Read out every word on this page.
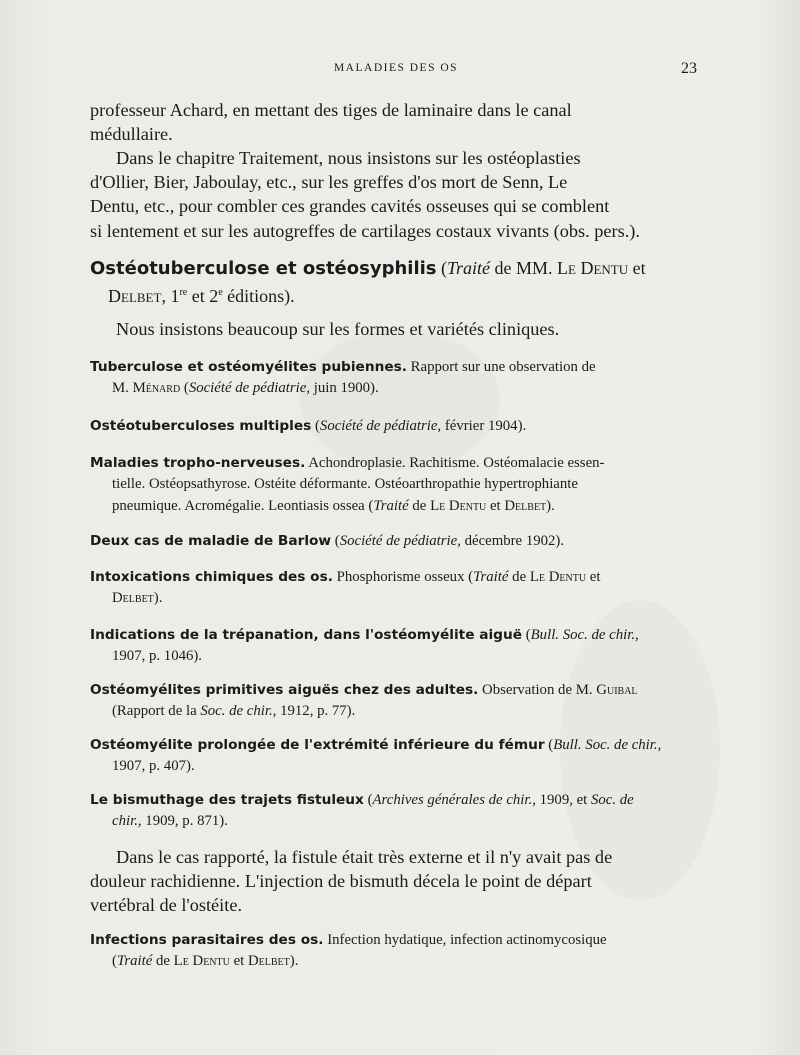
MALADIES DES OS	23
professeur Achard, en mettant des tiges de laminaire dans le canal
médullaire.
Dans le chapitre Traitement, nous insistons sur les ostéoplasties
d'Ollier, Bier, Jaboulay, etc., sur les greffes d'os mort de Senn, Le
Dentu, etc., pour combler ces grandes cavités osseuses qui se comblent
si lentement et sur les autogreffes de cartilages costaux vivants (obs. pers.).
Ostéotuberculose et ostéosyphilis (Traité de MM. Le Dentu et
Delbet, 1re et 2e éditions).
Nous insistons beaucoup sur les formes et variétés cliniques.
Tuberculose et ostéomyélites pubiennes. Rapport sur une observation de
M. Ménard (Société de pédiatrie, juin 1900).
Ostéotuberculoses multiples (Société de pédiatrie, février 1904).
Maladies tropho-nerveuses. Achondroplasie. Rachitisme. Ostéomalacie essen-
tielle. Ostéopsathyrose. Ostéite déformante. Ostéoarthropathie hypertrophiante
pneumique. Acromégalie. Leontiasis ossea (Traité de Le Dentu et Delbet).
Deux cas de maladie de Barlow (Société de pédiatrie, décembre 1902).
Intoxications chimiques des os. Phosphorisme osseux (Traité de Le Dentu et
Delbet).
Indications de la trépanation, dans l'ostéomyélite aiguë (Bull. Soc. de chir.,
1907, p. 1046).
Ostéomyélites primitives aiguës chez des adultes. Observation de M. Guibal
(Rapport de la Soc. de chir., 1912, p. 77).
Ostéomyélite prolongée de l'extrémité inférieure du fémur (Bull. Soc. de chir.,
1907, p. 407).
Le bismuthage des trajets fistuleux (Archives générales de chir., 1909, et Soc. de
chir., 1909, p. 871).
Dans le cas rapporté, la fistule était très externe et il n'y avait pas de
douleur rachidienne. L'injection de bismuth décela le point de départ
vertébral de l'ostéite.
Infections parasitaires des os. Infection hydatique, infection actinomycosique
(Traité de Le Dentu et Delbet).
